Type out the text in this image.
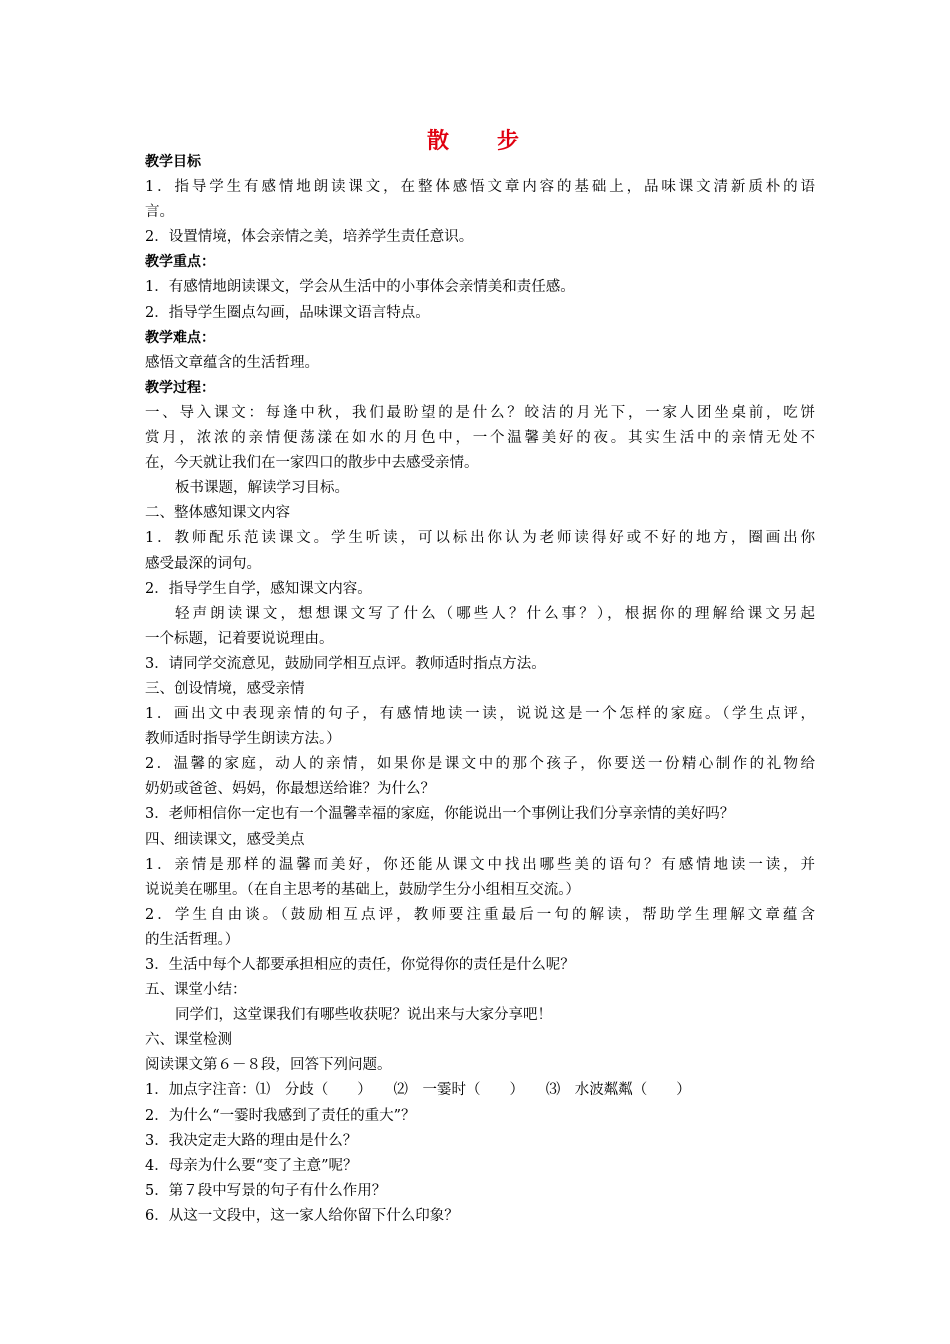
散 步
教学目标
1．指导学生有感情地朗读课文，在整体感悟文章内容的基础上，品味课文清新质朴的语
言。
2．设置情境，体会亲情之美，培养学生责任意识。
教学重点：
1．有感情地朗读课文，学会从生活中的小事体会亲情美和责任感。
2．指导学生圈点勾画，品味课文语言特点。
教学难点：
感悟文章蕴含的生活哲理。
教学过程：
一、导入课文：每逢中秋，我们最盼望的是什么？皎洁的月光下，一家人团坐桌前，吃饼
赏月，浓浓的亲情便荡漾在如水的月色中，一个温馨美好的夜。其实生活中的亲情无处不
在，今天就让我们在一家四口的散步中去感受亲情。
板书课题，解读学习目标。
二、整体感知课文内容
1．教师配乐范读课文。学生听读，可以标出你认为老师读得好或不好的地方，圈画出你
感受最深的词句。
2．指导学生自学，感知课文内容。
轻声朗读课文，想想课文写了什么（哪些人？什么事？），根据你的理解给课文另起
一个标题，记着要说说理由。
3．请同学交流意见，鼓励同学相互点评。教师适时指点方法。
三、创设情境，感受亲情
1．画出文中表现亲情的句子，有感情地读一读，说说这是一个怎样的家庭。（学生点评，
教师适时指导学生朗读方法。）
2．温馨的家庭，动人的亲情，如果你是课文中的那个孩子，你要送一份精心制作的礼物给
奶奶或爸爸、妈妈，你最想送给谁？为什么？
3．老师相信你一定也有一个温馨幸福的家庭，你能说出一个事例让我们分享亲情的美好吗？
四、细读课文，感受美点
1．亲情是那样的温馨而美好，你还能从课文中找出哪些美的语句？有感情地读一读，并
说说美在哪里。（在自主思考的基础上，鼓励学生分小组相互交流。）
2．学生自由谈。（鼓励相互点评，教师要注重最后一句的解读，帮助学生理解文章蕴含
的生活哲理。）
3．生活中每个人都要承担相应的责任，你觉得你的责任是什么呢？
五、课堂小结：
同学们，这堂课我们有哪些收获呢？说出来与大家分享吧！
六、课堂检测
阅读课文第６－８段，回答下列问题。
1．加点字注音：⑴　分歧（　　）　　⑵　一霎时（　　）　　⑶　水波粼粼（　　）
2．为什么“一霎时我感到了责任的重大”？
3．我决定走大路的理由是什么？
4．母亲为什么要“变了主意”呢？
5．第７段中写景的句子有什么作用？
6．从这一文段中，这一家人给你留下什么印象？
